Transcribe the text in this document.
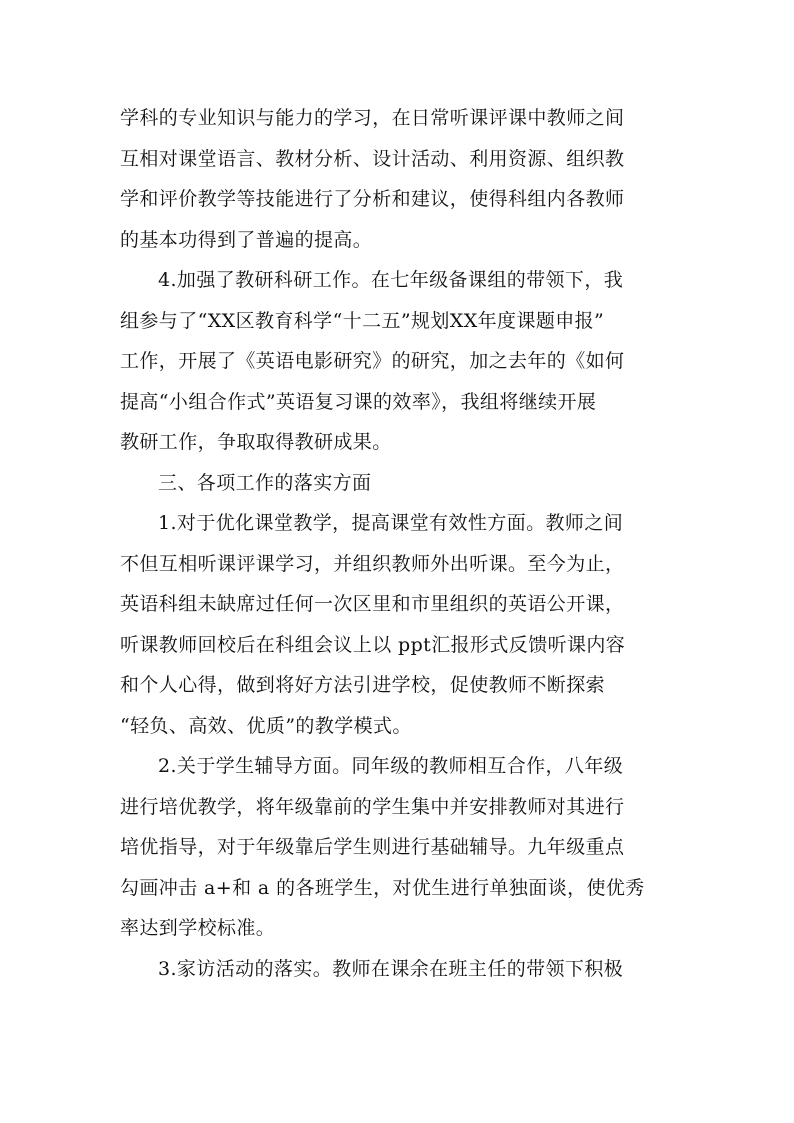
学科的专业知识与能力的学习，在日常听课评课中教师之间
互相对课堂语言、教材分析、设计活动、利用资源、组织教
学和评价教学等技能进行了分析和建议，使得科组内各教师
的基本功得到了普遍的提高。

4.加强了教研科研工作。在七年级备课组的带领下，我
组参与了“XX区教育科学“十二五”规划XX年度课题申报”
工作，开展了《英语电影研究》的研究，加之去年的《如何
提高“小组合作式”英语复习课的效率》，我组将继续开展
教研工作，争取取得教研成果。

三、各项工作的落实方面

1.对于优化课堂教学，提高课堂有效性方面。教师之间
不但互相听课评课学习，并组织教师外出听课。至今为止，
英语科组未缺席过任何一次区里和市里组织的英语公开课，
听课教师回校后在科组会议上以 ppt汇报形式反馈听课内容
和个人心得，做到将好方法引进学校，促使教师不断探索
“轻负、高效、优质”的教学模式。

2.关于学生辅导方面。同年级的教师相互合作，八年级
进行培优教学，将年级靠前的学生集中并安排教师对其进行
培优指导，对于年级靠后学生则进行基础辅导。九年级重点
勾画冲击 a+和 a 的各班学生，对优生进行单独面谈，使优秀
率达到学校标准。

3.家访活动的落实。教师在课余在班主任的带领下积极
